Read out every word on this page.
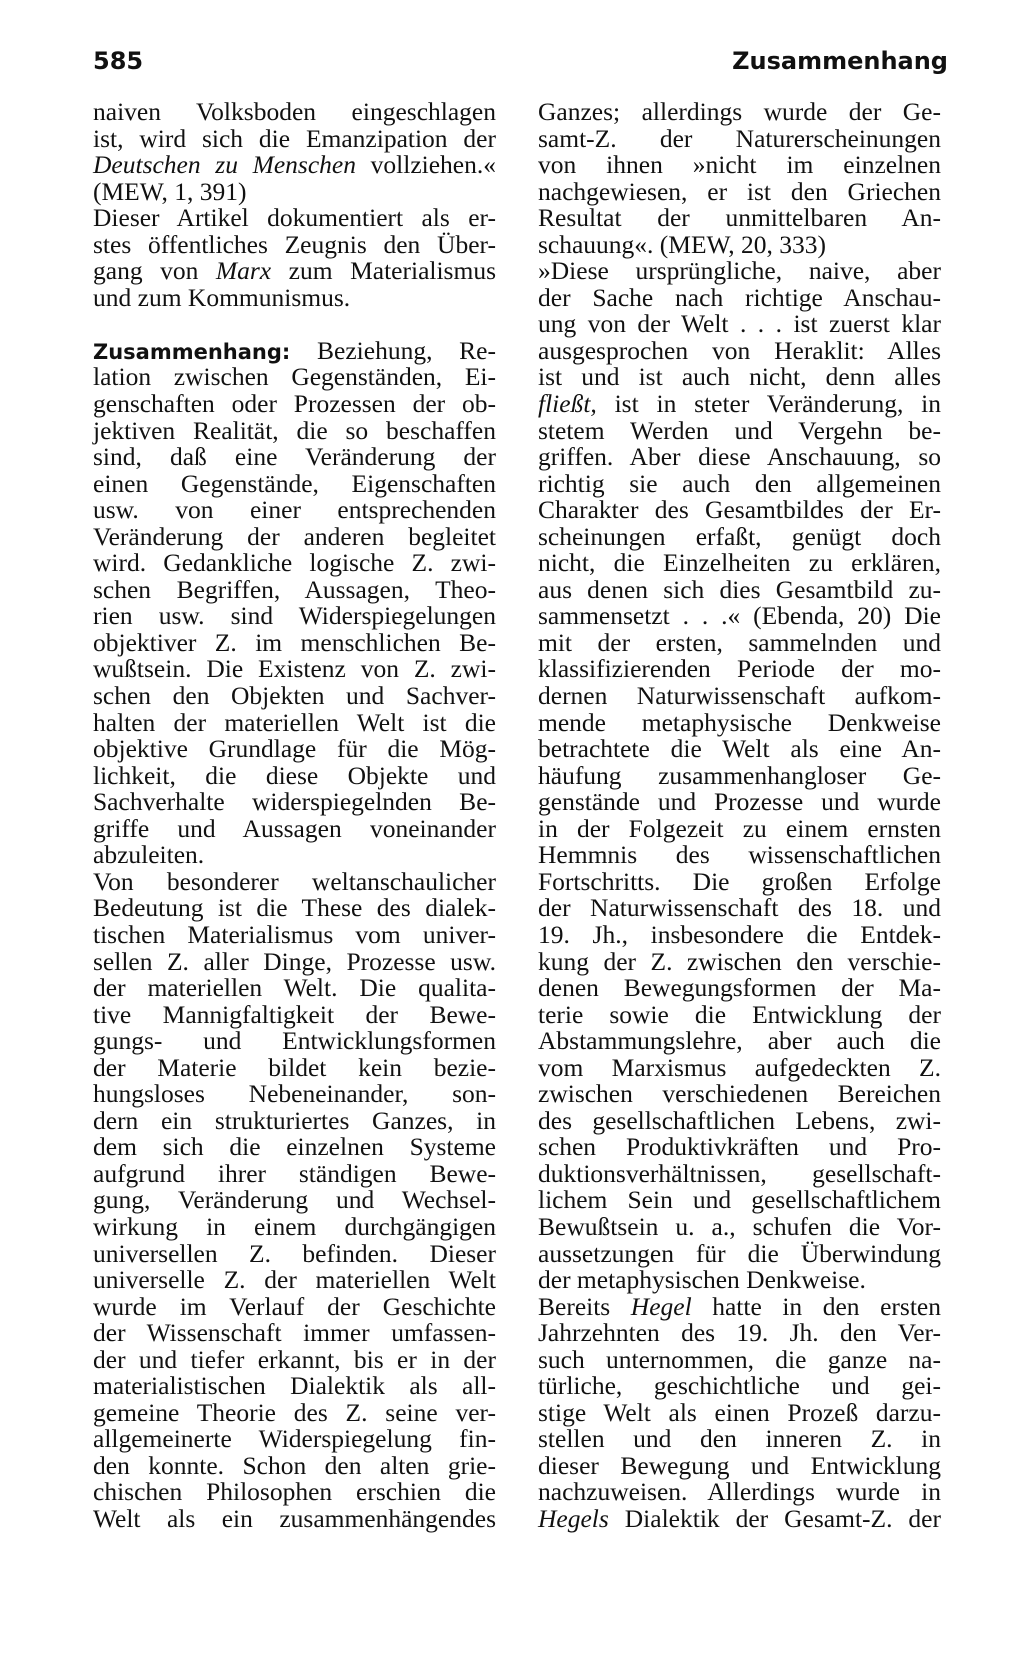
585	Zusammenhang
naiven Volksboden eingeschlagen
ist, wird sich die Emanzipation der
Deutschen zu Menschen vollziehen.«
(MEW, 1, 391)
Dieser Artikel dokumentiert als er-
stes öffentliches Zeugnis den Über-
gang von Marx zum Materialismus
und zum Kommunismus.
Zusammenhang: Beziehung, Re-
lation zwischen Gegenständen, Ei-
genschaften oder Prozessen der ob-
jektiven Realität, die so beschaffen
sind, daß eine Veränderung der
einen Gegenstände, Eigenschaften
usw. von einer entsprechenden
Veränderung der anderen begleitet
wird. Gedankliche logische Z. zwi-
schen Begriffen, Aussagen, Theo-
rien usw. sind Widerspiegelungen
objektiver Z. im menschlichen Be-
wußtsein. Die Existenz von Z. zwi-
schen den Objekten und Sachver-
halten der materiellen Welt ist die
objektive Grundlage für die Mög-
lichkeit, die diese Objekte und
Sachverhalte widerspiegelnden Be-
griffe und Aussagen voneinander
abzuleiten.
Von besonderer weltanschaulicher
Bedeutung ist die These des dialek-
tischen Materialismus vom univer-
sellen Z. aller Dinge, Prozesse usw.
der materiellen Welt. Die qualita-
tive Mannigfaltigkeit der Bewe-
gungs- und Entwicklungsformen
der Materie bildet kein bezie-
hungsloses Nebeneinander, son-
dern ein strukturiertes Ganzes, in
dem sich die einzelnen Systeme
aufgrund ihrer ständigen Bewe-
gung, Veränderung und Wechsel-
wirkung in einem durchgängigen
universellen Z. befinden. Dieser
universelle Z. der materiellen Welt
wurde im Verlauf der Geschichte
der Wissenschaft immer umfassen-
der und tiefer erkannt, bis er in der
materialistischen Dialektik als all-
gemeine Theorie des Z. seine ver-
allgemeinerte Widerspiegelung fin-
den konnte. Schon den alten grie-
chischen Philosophen erschien die
Welt als ein zusammenhängendes
Ganzes; allerdings wurde der Ge-
samt-Z. der Naturerscheinungen
von ihnen »nicht im einzelnen
nachgewiesen, er ist den Griechen
Resultat der unmittelbaren An-
schauung«. (MEW, 20, 333)
»Diese ursprüngliche, naive, aber
der Sache nach richtige Anschau-
ung von der Welt . . . ist zuerst klar
ausgesprochen von Heraklit: Alles
ist und ist auch nicht, denn alles
fließt, ist in steter Veränderung, in
stetem Werden und Vergehn be-
griffen. Aber diese Anschauung, so
richtig sie auch den allgemeinen
Charakter des Gesamtbildes der Er-
scheinungen erfaßt, genügt doch
nicht, die Einzelheiten zu erklären,
aus denen sich dies Gesamtbild zu-
sammensetzt . . .« (Ebenda, 20) Die
mit der ersten, sammelnden und
klassifizierenden Periode der mo-
dernen Naturwissenschaft aufkom-
mende metaphysische Denkweise
betrachtete die Welt als eine An-
häufung zusammenhangloser Ge-
genstände und Prozesse und wurde
in der Folgezeit zu einem ernsten
Hemmnis des wissenschaftlichen
Fortschritts. Die großen Erfolge
der Naturwissenschaft des 18. und
19. Jh., insbesondere die Entdek-
kung der Z. zwischen den verschie-
denen Bewegungsformen der Ma-
terie sowie die Entwicklung der
Abstammungslehre, aber auch die
vom Marxismus aufgedeckten Z.
zwischen verschiedenen Bereichen
des gesellschaftlichen Lebens, zwi-
schen Produktivkräften und Pro-
duktionsverhältnissen, gesellschaft-
lichem Sein und gesellschaftlichem
Bewußtsein u. a., schufen die Vor-
aussetzungen für die Überwindung
der metaphysischen Denkweise.
Bereits Hegel hatte in den ersten
Jahrzehnten des 19. Jh. den Ver-
such unternommen, die ganze na-
türliche, geschichtliche und gei-
stige Welt als einen Prozeß darzu-
stellen und den inneren Z. in
dieser Bewegung und Entwicklung
nachzuweisen. Allerdings wurde in
Hegels Dialektik der Gesamt-Z. der
